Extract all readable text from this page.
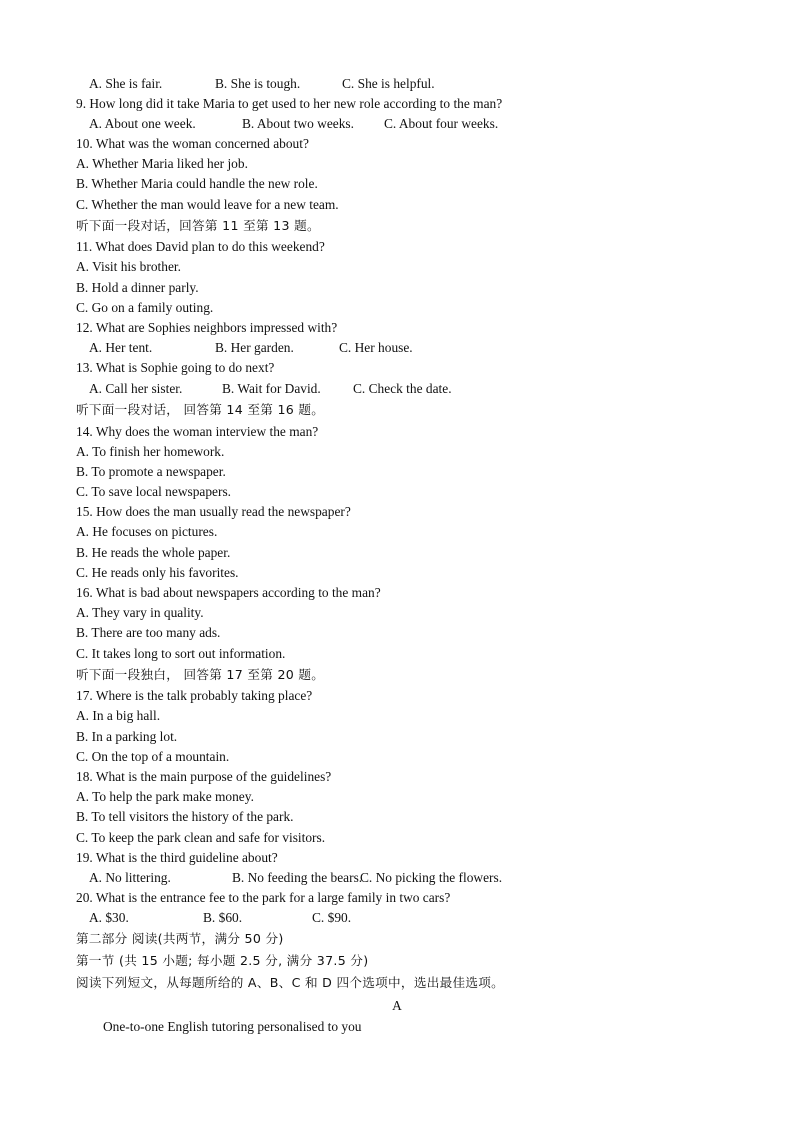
A. She is fair.	B. She is tough.	C. She is helpful.
9. How long did it take Maria to get used to her new role according to the man?
A. About one week.	B. About two weeks. C. About four weeks.
10. What was the woman concerned about?
A. Whether Maria liked her job.
B. Whether Maria could handle the new role.
C. Whether the man would leave for a new team.
听下面一段对话，回答第 11 至第 13 题。
11. What does David plan to do this weekend?
A. Visit his brother.
B. Hold a dinner parly.
C. Go on a family outing.
12. What are Sophies neighbors impressed with?
A. Her tent.	B. Her garden.	C. Her house.
13. What is Sophie going to do next?
A. Call her sister.	B. Wait for David. C. Check the date.
听下面一段对话， 回答第 14 至第 16 题。
14. Why does the woman interview the man?
A. To finish her homework.
B. To promote a newspaper.
C. To save local newspapers.
15. How does the man usually read the newspaper?
A. He focuses on pictures.
B. He reads the whole paper.
C. He reads only his favorites.
16. What is bad about newspapers according to the man?
A. They vary in quality.
B. There are too many ads.
C. It takes long to sort out information.
听下面一段独白， 回答第 17 至第 20 题。
17. Where is the talk probably taking place?
A. In a big hall.
B. In a parking lot.
C. On the top of a mountain.
18. What is the main purpose of the guidelines?
A. To help the park make money.
B. To tell visitors the history of the park.
C. To keep the park clean and safe for visitors.
19. What is the third guideline about?
A. No littering.	B. No feeding the bears.
C. No picking the flowers.
20. What is the entrance fee to the park for a large family in two cars?
A. $30.	B. $60.	C. $90.
第二部分 阅读(共两节，满分 50 分)
第一节 (共 15 小题; 每小题 2.5 分, 满分 37.5 分)
阅读下列短文，从每题所给的 A、B、C 和 D 四个选项中，选出最佳选项。
A
One-to-one English tutoring personalised to you
